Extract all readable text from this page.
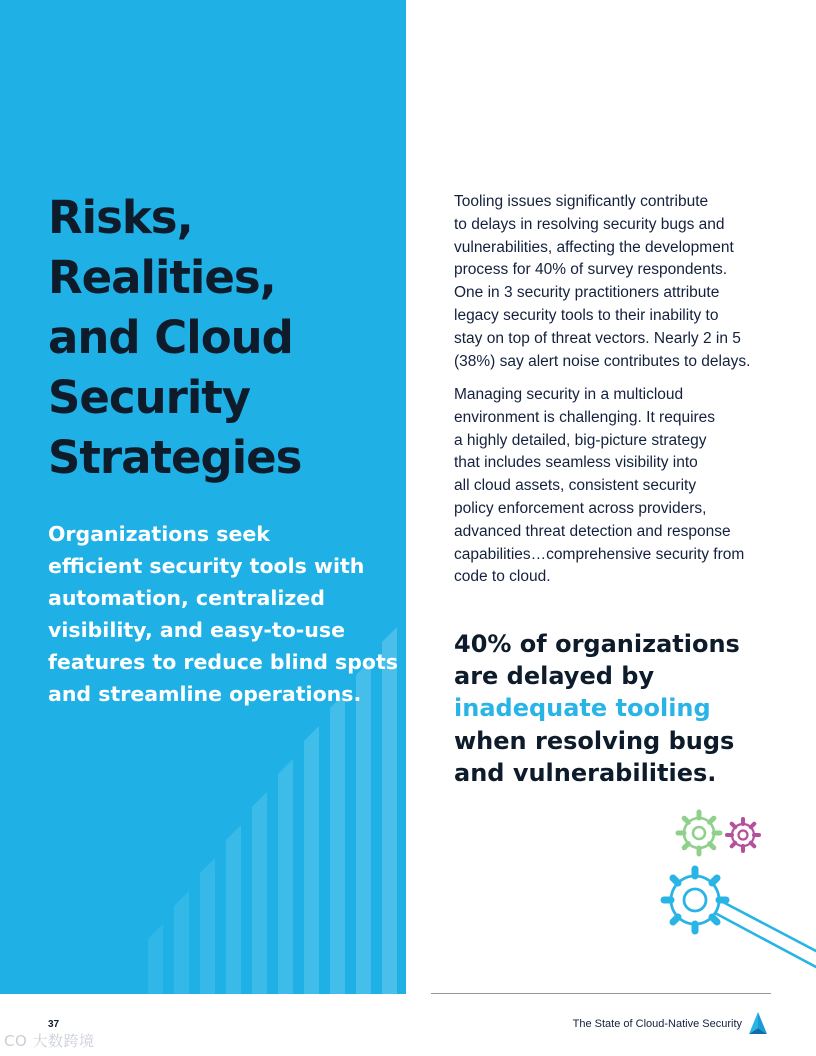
Risks,
Realities,
and Cloud
Security
Strategies

Organizations seek
efficient security tools with
automation, centralized
visibility, and easy-to-use
features to reduce blind spots
and streamline operations.

Tooling issues significantly contribute
to delays in resolving security bugs and
vulnerabilities, affecting the development
process for 40% of survey respondents.
One in 3 security practitioners attribute
legacy security tools to their inability to
stay on top of threat vectors. Nearly 2 in 5
(38%) say alert noise contributes to delays.

Managing security in a multicloud
environment is challenging. It requires
a highly detailed, big-picture strategy
that includes seamless visibility into
all cloud assets, consistent security
policy enforcement across providers,
advanced threat detection and response
capabilities…comprehensive security from
code to cloud.

40% of organizations
are delayed by
inadequate tooling
when resolving bugs
and vulnerabilities.

37	The State of Cloud-Native Security
CO 大数跨境
